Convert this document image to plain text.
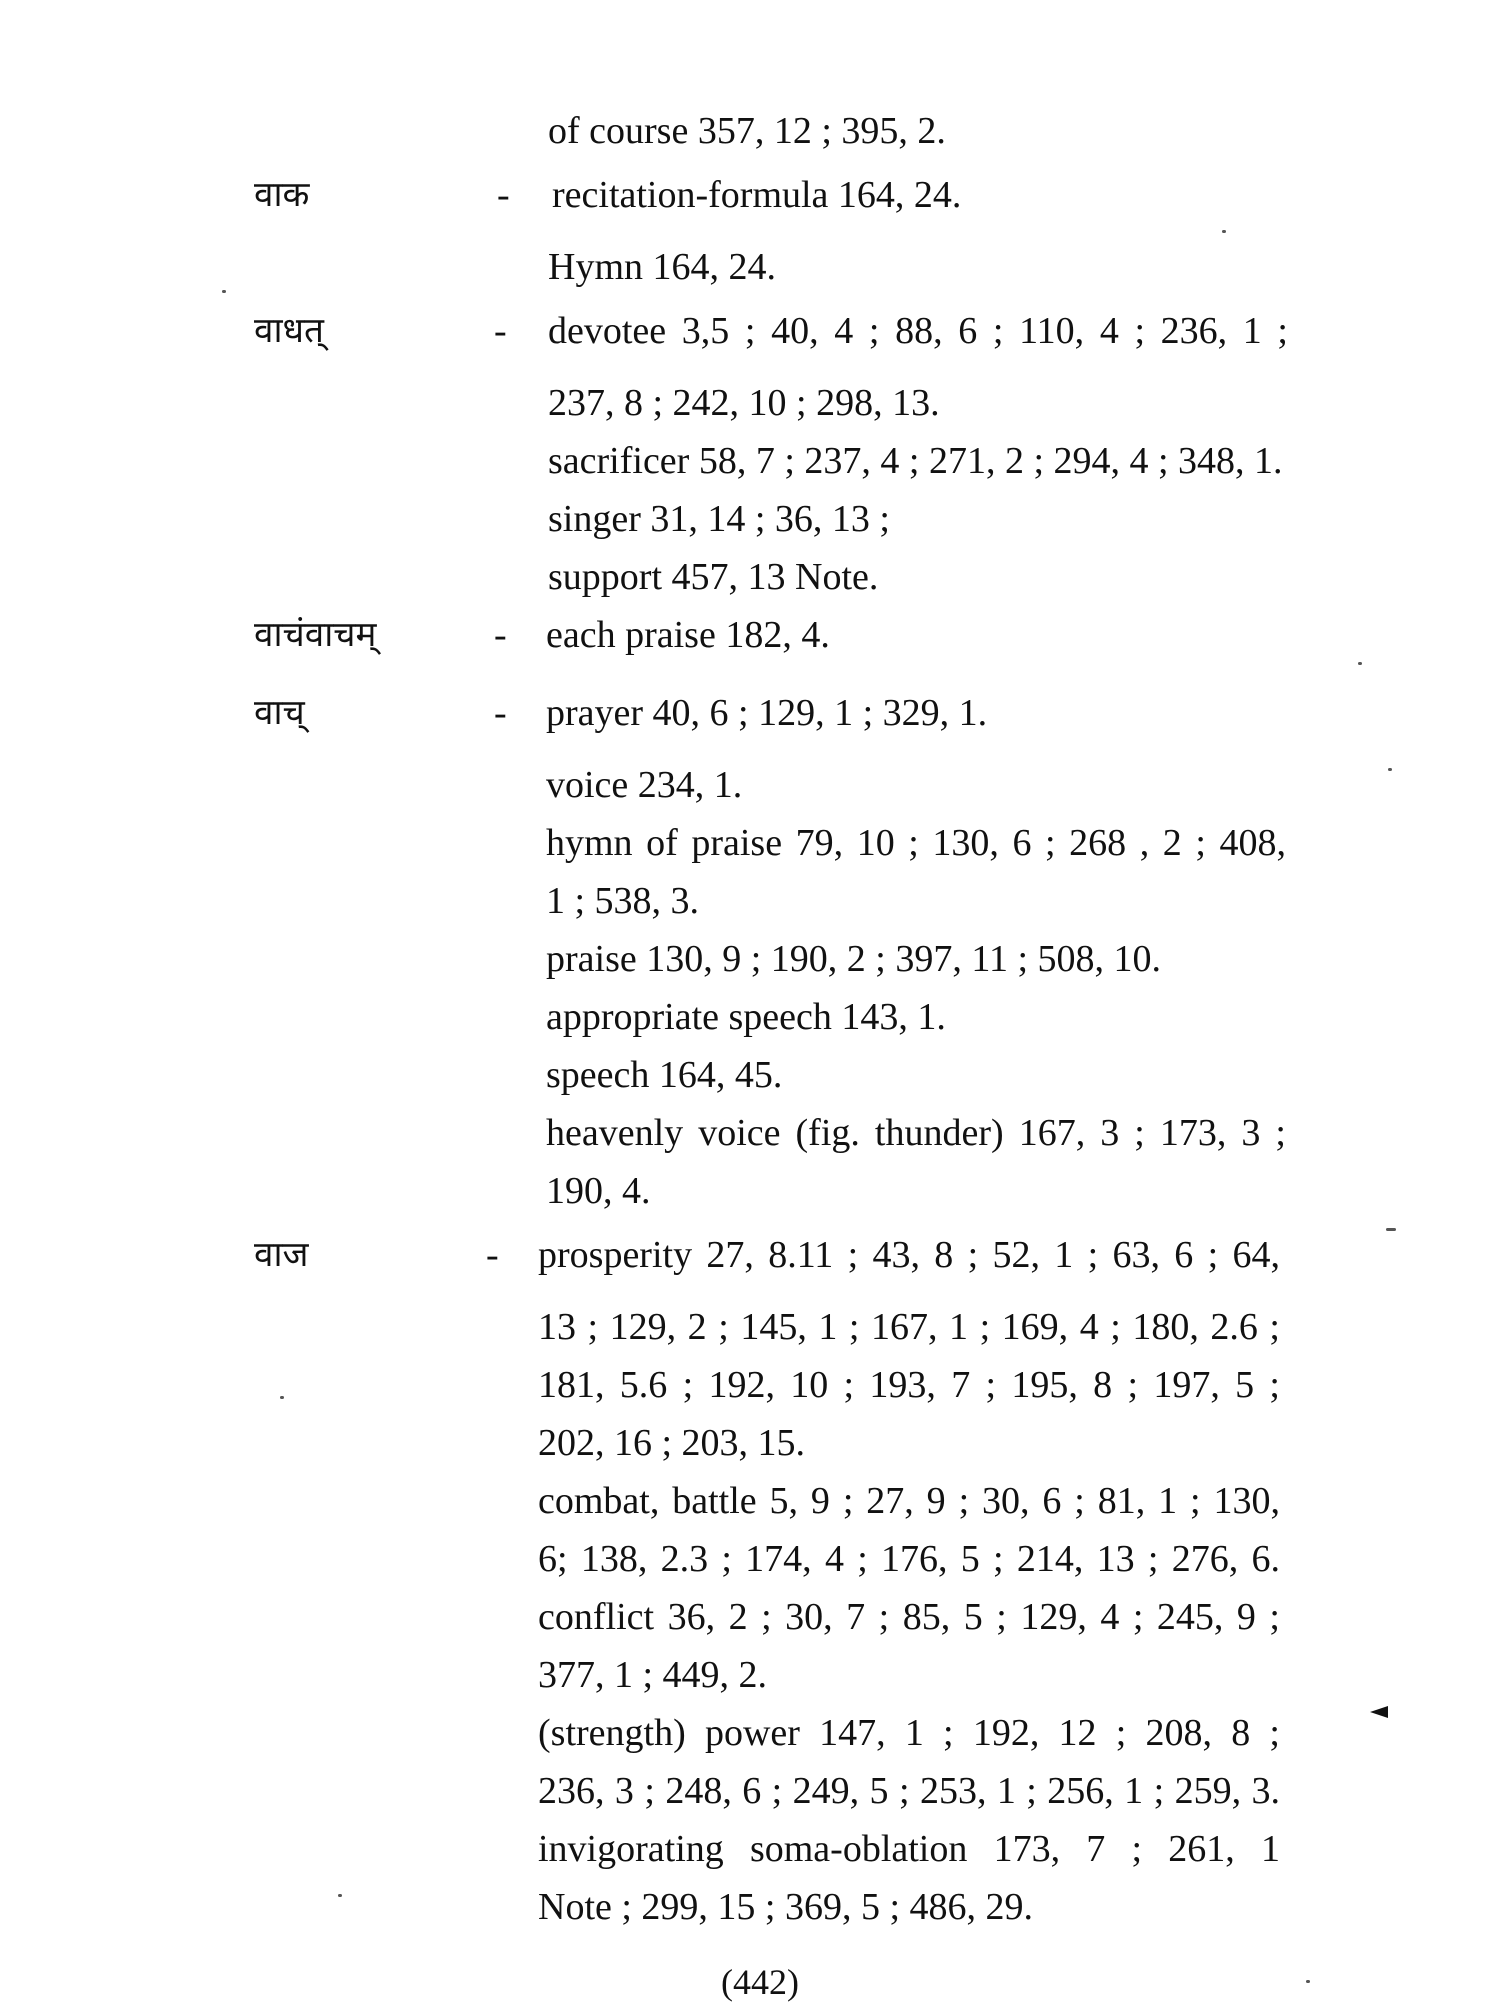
of course 357, 12 ; 395, 2.
वाक	- recitation-formula 164, 24.
Hymn 164, 24.
वाधत्	- devotee 3,5 ; 40, 4 ; 88, 6 ; 110, 4 ; 236, 1 ;
237, 8 ; 242, 10 ; 298, 13.
sacrificer 58, 7 ; 237, 4 ; 271, 2 ; 294, 4 ; 348, 1.
singer 31, 14 ; 36, 13 ;
support 457, 13 Note.
वाचंवाचम्	- each praise 182, 4.
वाच्	- prayer 40, 6 ; 129, 1 ; 329, 1.
voice 234, 1.
hymn of praise 79, 10 ; 130, 6 ; 268 , 2 ; 408,
1 ; 538, 3.
praise 130, 9 ; 190, 2 ; 397, 11 ; 508, 10.
appropriate speech 143, 1.
speech 164, 45.
heavenly voice (fig. thunder) 167, 3 ; 173, 3 ;
190, 4.
वाज	- prosperity 27, 8.11 ; 43, 8 ; 52, 1 ; 63, 6 ; 64,
13 ; 129, 2 ; 145, 1 ; 167, 1 ; 169, 4 ; 180, 2.6 ;
181, 5.6 ; 192, 10 ; 193, 7 ; 195, 8 ; 197, 5 ;
202, 16 ; 203, 15.
combat, battle 5, 9 ; 27, 9 ; 30, 6 ; 81, 1 ; 130,
6; 138, 2.3 ; 174, 4 ; 176, 5 ; 214, 13 ; 276, 6.
conflict 36, 2 ; 30, 7 ; 85, 5 ; 129, 4 ; 245, 9 ;
377, 1 ; 449, 2.
(strength) power 147, 1 ; 192, 12 ; 208, 8 ;
236, 3 ; 248, 6 ; 249, 5 ; 253, 1 ; 256, 1 ; 259, 3.
invigorating soma-oblation 173, 7 ; 261, 1
Note ; 299, 15 ; 369, 5 ; 486, 29.
(442)
